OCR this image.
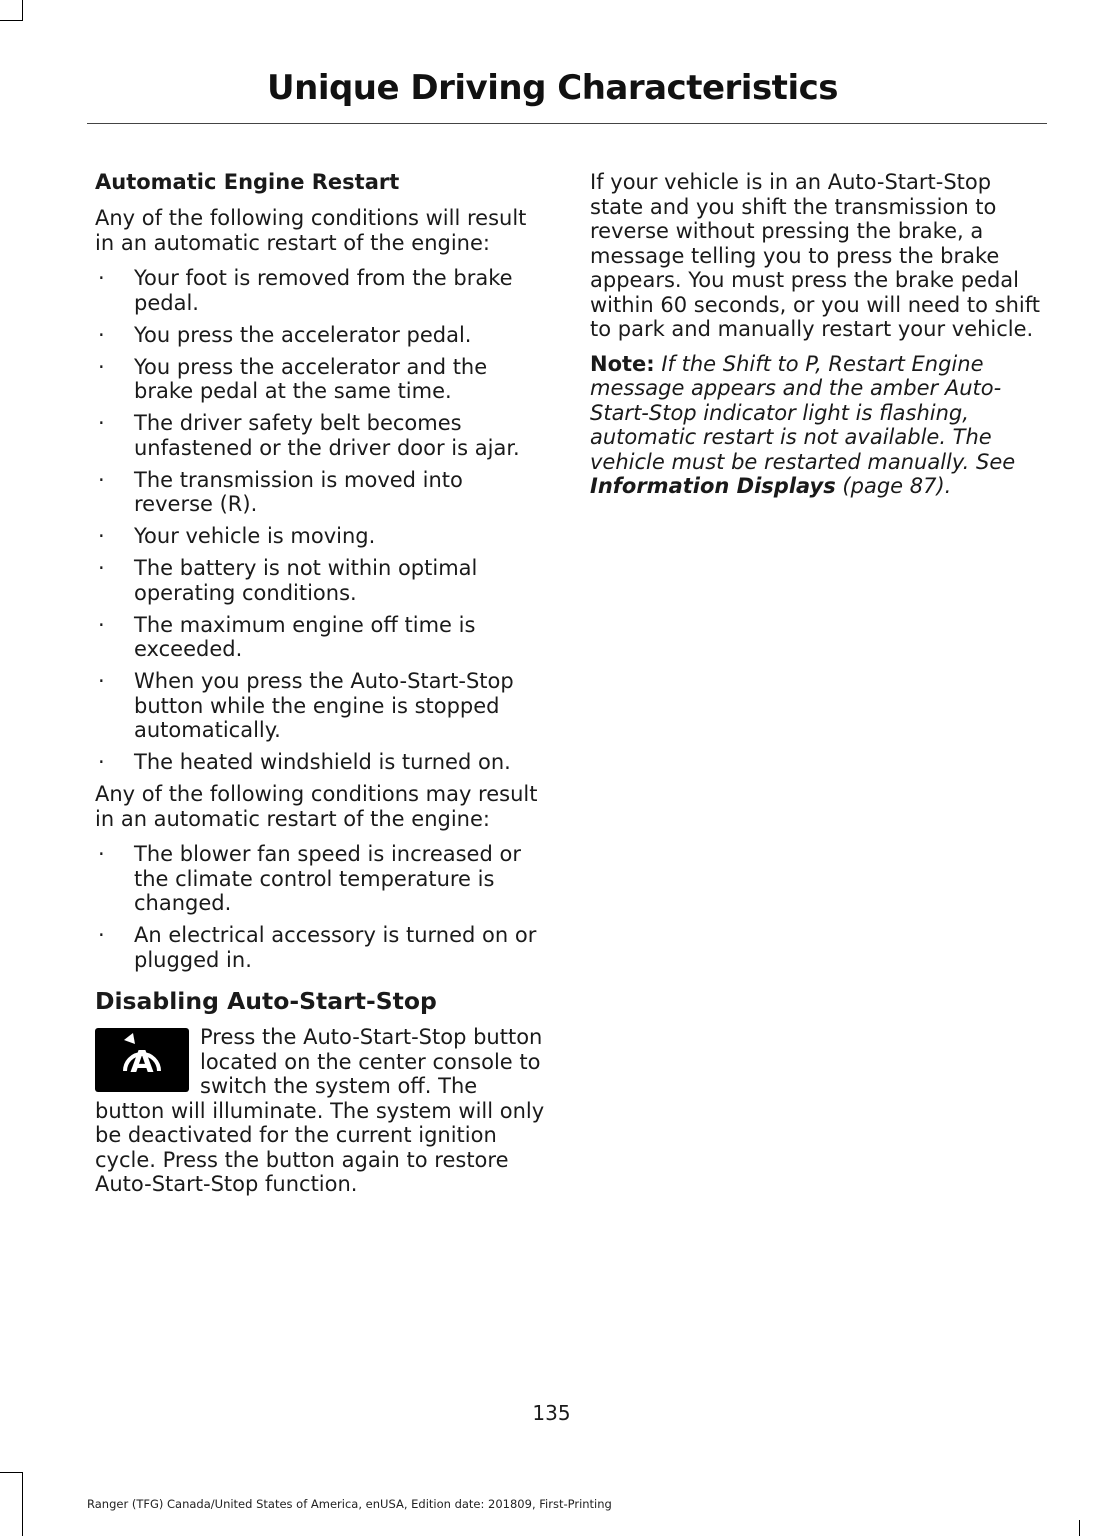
Unique Driving Characteristics
Automatic Engine Restart

Any of the following conditions will result in an automatic restart of the engine:

· Your foot is removed from the brake pedal.
· You press the accelerator pedal.
· You press the accelerator and the brake pedal at the same time.
· The driver safety belt becomes unfastened or the driver door is ajar.
· The transmission is moved into reverse (R).
· Your vehicle is moving.
· The battery is not within optimal operating conditions.
· The maximum engine off time is exceeded.
· When you press the Auto-Start-Stop button while the engine is stopped automatically.
· The heated windshield is turned on.

Any of the following conditions may result in an automatic restart of the engine:

· The blower fan speed is increased or the climate control temperature is changed.
· An electrical accessory is turned on or plugged in.
Disabling Auto-Start-Stop
A

Press the Auto-Start-Stop button located on the center console to switch the system off. The button will illuminate. The system will only be deactivated for the current ignition cycle. Press the button again to restore Auto-Start-Stop function.

If your vehicle is in an Auto-Start-Stop state and you shift the transmission to reverse without pressing the brake, a message telling you to press the brake appears. You must press the brake pedal within 60 seconds, or you will need to shift to park and manually restart your vehicle.

Note: If the Shift to P, Restart Engine message appears and the amber Auto-Start-Stop indicator light is flashing, automatic restart is not available. The vehicle must be restarted manually. See Information Displays (page 87).

135
Ranger (TFG) Canada/United States of America, enUSA, Edition date: 201809, First-Printing
